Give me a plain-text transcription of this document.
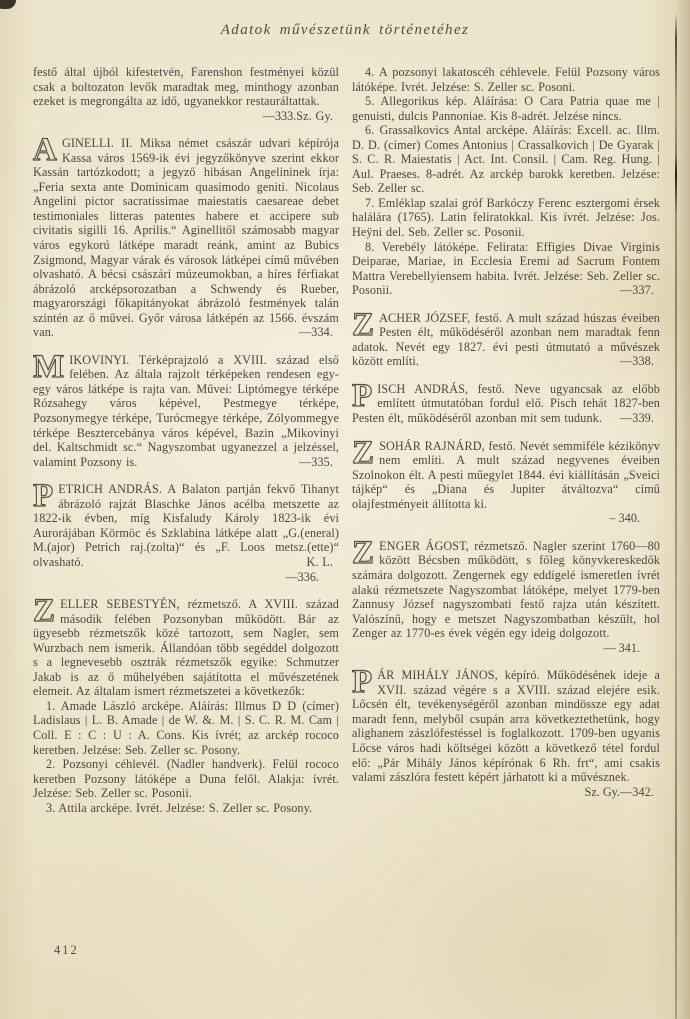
Adatok művészetünk történetéhez

festő által újból kifestetvén, Farenshon festményei közül csak a boltozaton levők maradtak meg, minthogy azonban ezeket is megrongálta az idő, ugyanekkor restauráltattak.
Sz. Gy.

—333.

AGINELLI. II. Miksa német császár udvari képírója Kassa város 1569-ik évi jegyzőkönyve szerint ekkor Kassán tartózkodott; a jegyző hibásan Angelininek írja: „Feria sexta ante Dominicam quasimodo geniti. Nicolaus Angelini pictor sacratissimae maiestatis caesareae debet testimoniales litteras patentes habere et accipere sub civitatis sigilli 16. Aprilis.“ Aginellitől számosabb magyar város egykorú látképe maradt reánk, amint az Bubics Zsigmond, Magyar várak és városok látképei című művében olvasható. A bécsi császári múzeumokban, a híres férfiakat ábrázoló arcképsorozatban a Schwendy és Rueber, magyarországi főkapitányokat ábrázoló festmények talán szintén az ő művei. Győr városa látképén az 1566. évszám van.	—334.

MIKOVINYI. Térképrajzoló a XVIII. század első felében. Az általa rajzolt térképeken rendesen egy-egy város látképe is rajta van. Művei: Liptómegye térképe Rózsahegy város képével, Pestmegye térképe, Pozsonymegye térképe, Turócmegye térképe, Zólyommegye térképe Besztercebánya város képével, Bazin „Mikovinyi del. Kaltschmidt sc.“ Nagyszombat ugyanezzel a jelzéssel, valamint Pozsony is.	—335.

PETRICH ANDRÁS. A Balaton partján fekvő Tihanyt ábrázoló rajzát Blaschke János acélba metszette az 1822-ik évben, míg Kisfaludy Károly 1823-ik évi Aurorájában Körmöc és Szklabina látképe alatt „G.(eneral) M.(ajor) Petrich raj.(zolta)“ és „F. Loos metsz.(ette)“ olvasható.	K. L.

—336.

ZELLER SEBESTYÉN, rézmetsző. A XVIII. század második felében Pozsonyban működött. Bár az ügyesebb rézmetszők közé tartozott, sem Nagler, sem Wurzbach nem ismerik. Állandóan több segéddel dolgozott s a legnevesebb osztrák rézmetszők egyike: Schmutzer Jakab is az ő műhelyében sajátította el művészetének elemeit. Az általam ismert rézmetszetei a következők:

1. Amade László arcképe. Aláírás: Illmus D D (címer) Ladislaus | L. B. Amade | de W. &. M. | S. C. R. M. Cam | Coll. E : C : U : A. Cons. Kis ívrét; az arckép rococo keretben. Jelzése: Seb. Zeller sc. Posony.

2. Pozsonyi céhlevél. (Nadler handverk). Felül rococo keretben Pozsony látóképe a Duna felől. Alakja: ívrét. Jelzése: Seb. Zeller sc. Posonii.

3. Attila arcképe. Ivrét. Jelzése: S. Zeller sc. Posony.

4. A pozsonyi lakatoscéh céhlevele. Felül Pozsony város látóképe. Ivrét. Jelzése: S. Zeller sc. Posoni.

5. Allegorikus kép. Aláírása: O Cara Patria quae me | genuisti, dulcis Pannoniae. Kis 8-adrét. Jelzése nincs.

6. Grassalkovics Antal arcképe. Aláírás: Excell. ac. Illm. D. D. (címer) Comes Antonius | Crassalkovich | De Gyarak | S. C. R. Maiestatis | Act. Int. Consil. | Cam. Reg. Hung. | Aul. Praeses. 8-adrét. Az arckép barokk keretben. Jelzése: Seb. Zeller sc.

7. Emléklap szalai gróf Barkóczy Ferenc esztergomi érsek halálára (1765). Latin feliratokkal. Kis ívrét. Jelzése: Jos. Heÿni del. Seb. Zeller sc. Posonii.

8. Verebély látóképe. Felirata: Effigies Divae Virginis Deiparae, Mariae, in Ecclesia Eremi ad Sacrum Fontem Mattra Verebellyiensem habita. Ivrét. Jelzése: Seb. Zeller sc. Posonii.	—337.

ZACHER JÓZSEF, festő. A mult század húszas éveiben Pesten élt, működéséről azonban nem maradtak fenn adatok. Nevét egy 1827. évi pesti útmutató a művészek között említi.	—338.

PISCH ANDRÁS, festő. Neve ugyancsak az előbb említett útmutatóban fordul elő. Pisch tehát 1827-ben Pesten élt, működéséről azonban mit sem tudunk. —339.

ZSOHÁR RAJNÁRD, festő. Nevét semmiféle kézikönyv nem említi. A mult század negyvenes éveiben Szolnokon élt. A pesti műegylet 1844. évi kiállításán „Sveici tájkép“ és „Diana és Jupiter átváltozva“ című olajfestményeit állította ki.

– 340.

ZENGER ÁGOST, rézmetsző. Nagler szerint 1760—80 között Bécsben működött, s főleg könyvkereskedők számára dolgozott. Zengernek egy eddigelé ismeretlen ívrét alakú rézmetszete Nagyszombat látóképe, melyet 1779-ben Zannusy József nagyszombati festő rajza után készített. Valószínű, hogy e metszet Nagyszombatban készült, hol Zenger az 1770-es évek végén egy ideig dolgozott.

— 341.

PÁR MIHÁLY JÁNOS, képíró. Működésének ideje a XVII. század végére s a XVIII. század elejére esik. Lőcsén élt, tevékenységéről azonban mindössze egy adat maradt fenn, melyből csupán arra következtethetünk, hogy alighanem zászlófestéssel is foglalkozott. 1709-ben ugyanis Lőcse város hadi költségei között a következő tétel fordul elő: „Pár Mihály János képírónak 6 Rh. frt“, ami csakis valami zászlóra festett képért járhatott ki a művésznek.
—342.

Sz. Gy.
412
